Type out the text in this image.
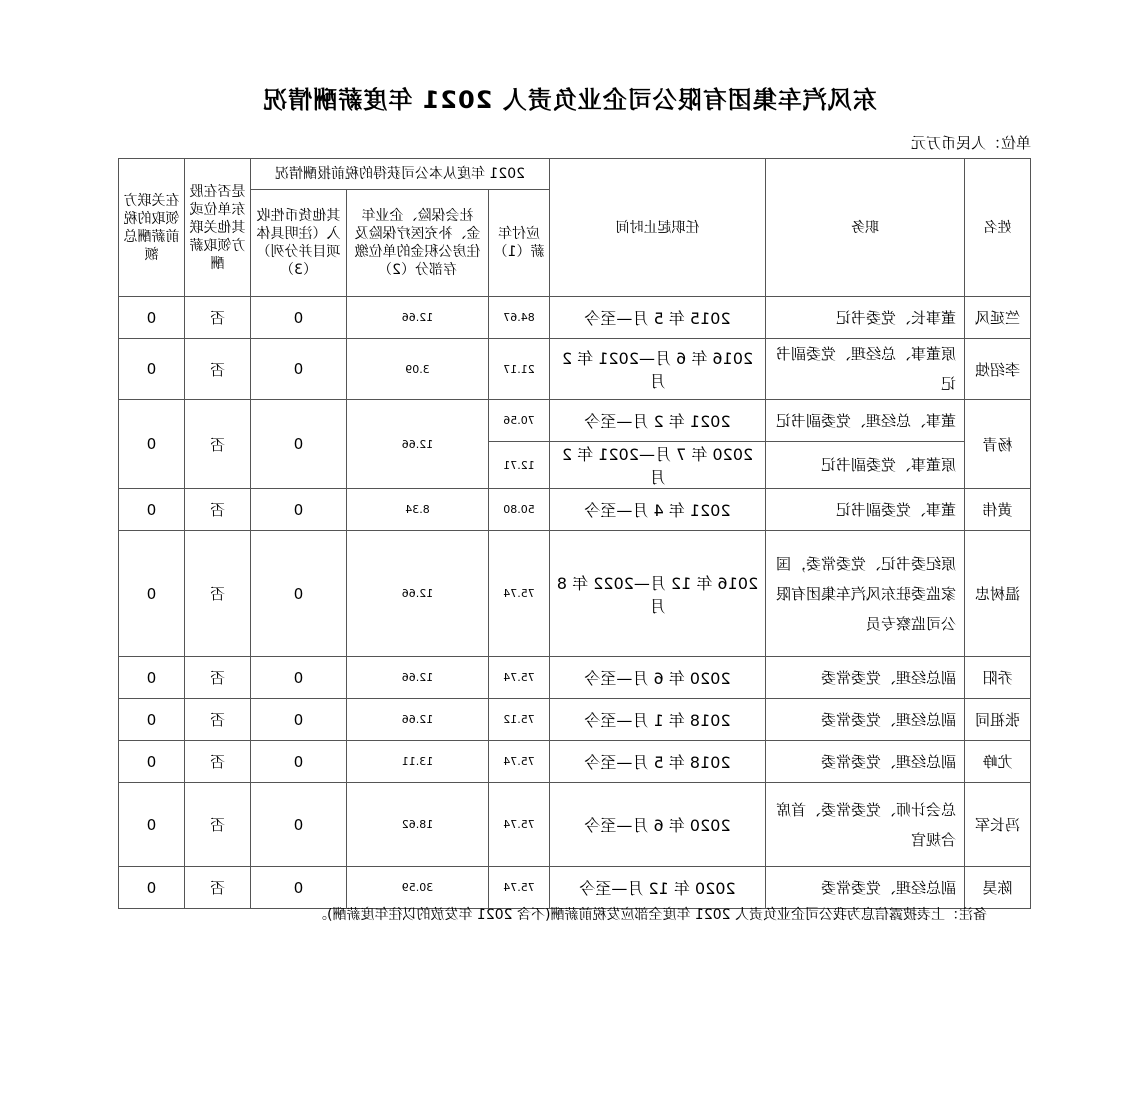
东风汽车集团有限公司企业负责人 2021 年度薪酬情况
单位：人民币万元
姓名	职务	任职起止时间	2021 年度从本公司获得的税前报酬情况			是否在股东单位或其他关联方领取薪酬	在关联方领取的税前薪酬总额
			应付年薪（1）	社会保险、企业年金、补充医疗保险及住房公积金的单位缴存部分（2）	其他货币性收入（注明具体项目并分列）（3）		
竺延风	董事长、党委书记	2015 年 5 月—至今	84.67	12.66	0	否	0
李绍烛	原董事、总经理、党委副书记	2016 年 6 月—2021 年 2 月	21.17	3.09	0	否	0
杨青	董事、总经理、党委副书记	2021 年 2 月—至今	70.56	12.66	0	否	0
	原董事、党委副书记	2020 年 7 月—2021 年 2 月	12.71				
黄伟	董事、党委副书记	2021 年 4 月—至今	50.80	8.34	0	否	0
温树忠	原纪委书记、党委常委，国家监委驻东风汽车集团有限公司监察专员	2016 年 12 月—2022 年 8 月	75.74	12.66	0	否	0
乔阳	副总经理、党委常委	2020 年 6 月—至今	75.74	12.66	0	否	0
张祖同	副总经理、党委常委	2018 年 1 月—至今	75.12	12.66	0	否	0
尤峥	副总经理、党委常委	2018 年 5 月—至今	75.74	13.11	0	否	0
冯长军	总会计师、党委常委、首席合规官	2020 年 6 月—至今	75.74	18.62	0	否	0
陈昊	副总经理、党委常委	2020 年 12 月—至今	75.74	30.59	0	否	0
备注：上表披露信息为我公司企业负责人 2021 年度全部应发税前薪酬(不含 2021 年发放的以往年度薪酬)。
